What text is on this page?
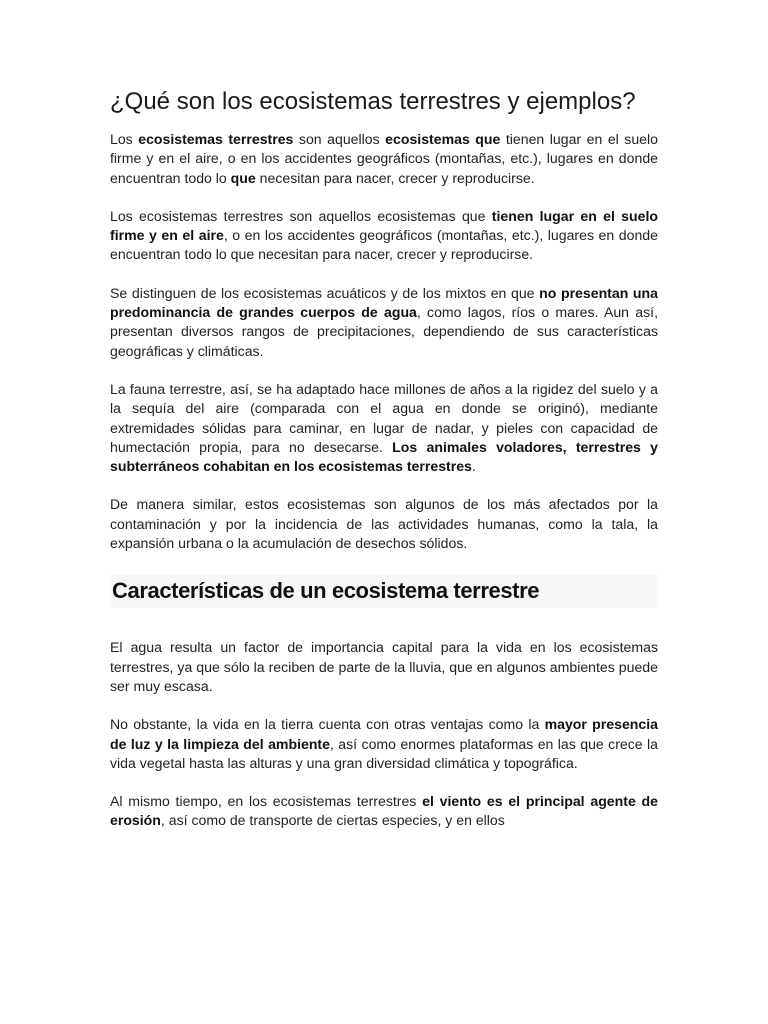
¿Qué son los ecosistemas terrestres y ejemplos?

Los ecosistemas terrestres son aquellos ecosistemas que tienen lugar en el suelo firme y en el aire, o en los accidentes geográficos (montañas, etc.), lugares en donde encuentran todo lo que necesitan para nacer, crecer y reproducirse.

Los ecosistemas terrestres son aquellos ecosistemas que tienen lugar en el suelo firme y en el aire, o en los accidentes geográficos (montañas, etc.), lugares en donde encuentran todo lo que necesitan para nacer, crecer y reproducirse.

Se distinguen de los ecosistemas acuáticos y de los mixtos en que no presentan una predominancia de grandes cuerpos de agua, como lagos, ríos o mares. Aun así, presentan diversos rangos de precipitaciones, dependiendo de sus características geográficas y climáticas.

La fauna terrestre, así, se ha adaptado hace millones de años a la rigidez del suelo y a la sequía del aire (comparada con el agua en donde se originó), mediante extremidades sólidas para caminar, en lugar de nadar, y pieles con capacidad de humectación propia, para no desecarse. Los animales voladores, terrestres y subterráneos cohabitan en los ecosistemas terrestres.

De manera similar, estos ecosistemas son algunos de los más afectados por la contaminación y por la incidencia de las actividades humanas, como la tala, la expansión urbana o la acumulación de desechos sólidos.

Características de un ecosistema terrestre

El agua resulta un factor de importancia capital para la vida en los ecosistemas terrestres, ya que sólo la reciben de parte de la lluvia, que en algunos ambientes puede ser muy escasa.

No obstante, la vida en la tierra cuenta con otras ventajas como la mayor presencia de luz y la limpieza del ambiente, así como enormes plataformas en las que crece la vida vegetal hasta las alturas y una gran diversidad climática y topográfica.

Al mismo tiempo, en los ecosistemas terrestres el viento es el principal agente de erosión, así como de transporte de ciertas especies, y en ellos
